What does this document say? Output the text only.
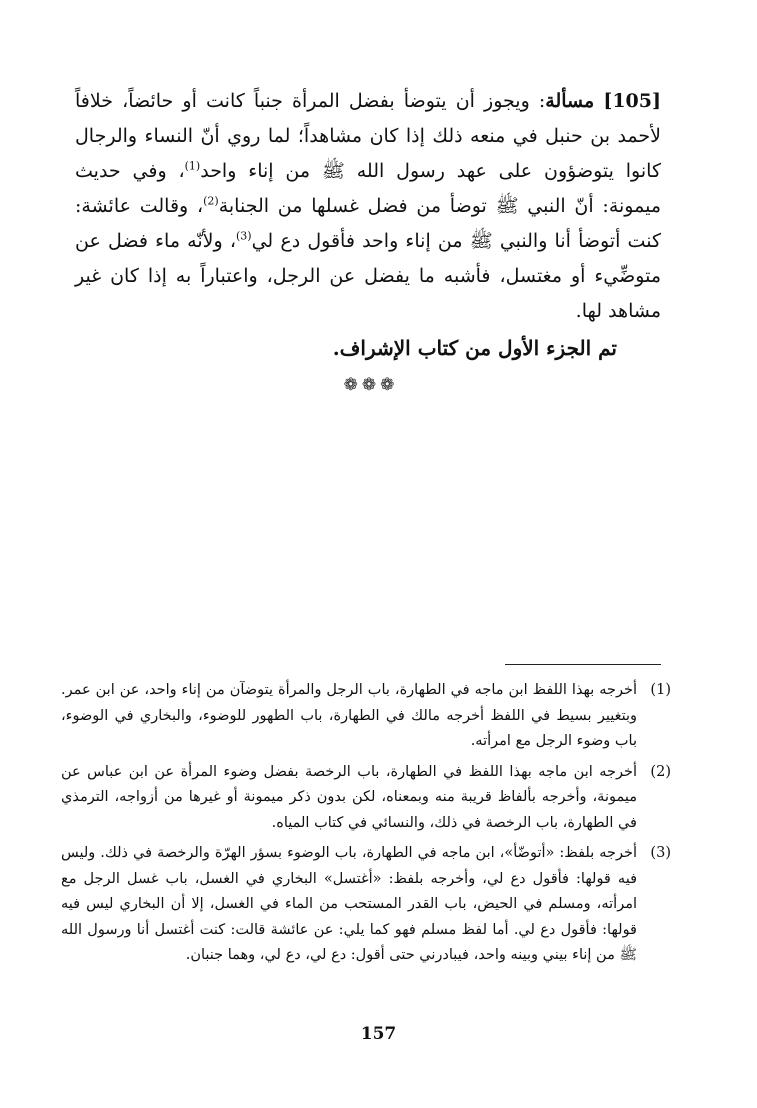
[105] مسألة: ويجوز أن يتوضأ بفضل المرأة جنباً كانت أو حائضاً، خلافاً لأحمد بن حنبل في منعه ذلك إذا كان مشاهداً؛ لما روي أنّ النساء والرجال كانوا يتوضؤون على عهد رسول الله ﷺ من إناء واحد$^{(1)}$، وفي حديث ميمونة: أنّ النبي ﷺ توضأ من فضل غسلها من الجنابة$^{(2)}$، وقالت عائشة: كنت أتوضأ أنا والنبي ﷺ من إناء واحد فأقول دع لي$^{(3)}$، ولأنّه ماء فضل عن متوضِّيء أو مغتسل، فأشبه ما يفضل عن الرجل، واعتباراً به إذا كان غير مشاهد لها.

تم الجزء الأول من كتاب الإشراف.
❁❁❁
(1)
أخرجه بهذا اللفظ ابن ماجه في الطهارة، باب الرجل والمرأة يتوضآن من إناء واحد، عن ابن عمر. وبتغيير بسيط في اللفظ أخرجه مالك في الطهارة، باب الطهور للوضوء، والبخاري في الوضوء، باب وضوء الرجل مع امرأته.
(2)
أخرجه ابن ماجه بهذا اللفظ في الطهارة، باب الرخصة بفضل وضوء المرأة عن ابن عباس عن ميمونة، وأخرجه بألفاظ قريبة منه وبمعناه، لكن بدون ذكر ميمونة أو غيرها من أزواجه، الترمذي في الطهارة، باب الرخصة في ذلك، والنسائي في كتاب المياه.
(3)
أخرجه بلفظ: «أتوضّأ»، ابن ماجه في الطهارة، باب الوضوء بسؤر الهرّة والرخصة في ذلك. وليس فيه قولها: فأقول دع لي، وأخرجه بلفظ: «أغتسل» البخاري في الغسل، باب غسل الرجل مع امرأته، ومسلم في الحيض، باب القدر المستحب من الماء في الغسل، إلا أن البخاري ليس فيه قولها: فأقول دع لي. أما لفظ مسلم فهو كما يلي: عن عائشة قالت: كنت أغتسل أنا ورسول الله ﷺ من إناء بيني وبينه واحد، فيبادرني حتى أقول: دع لي، دع لي، وهما جنبان.
157
